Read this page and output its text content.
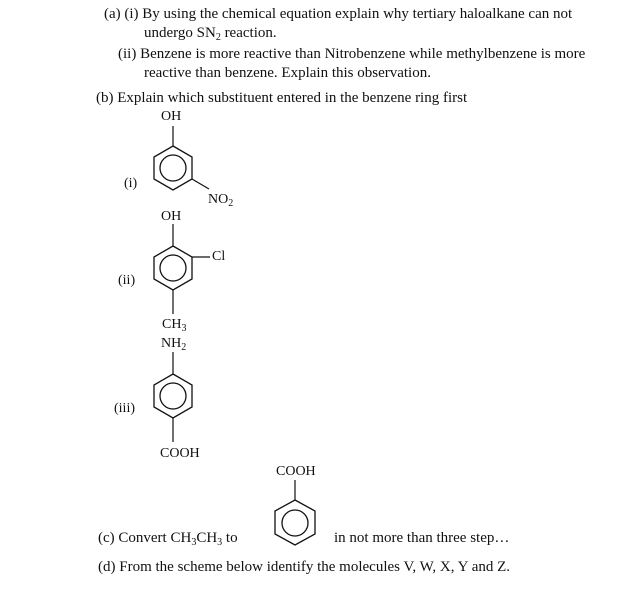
(a) (i) By using the chemical equation explain why tertiary haloalkane can not
undergo $SN_2$ reaction.
(ii) Benzene is more reactive than Nitrobenzene while methylbenzene is more
reactive than benzene. Explain this observation.
(b) Explain which substituent entered in the benzene ring first
OH
(i)
$NO_2$
OH
Cl
(ii)
$CH_3$
$NH_2$
(iii)
COOH
COOH
(c) Convert $CH_3CH_3$ to	in not more than three step…
(d) From the scheme below identify the molecules V, W, X, Y and Z.
